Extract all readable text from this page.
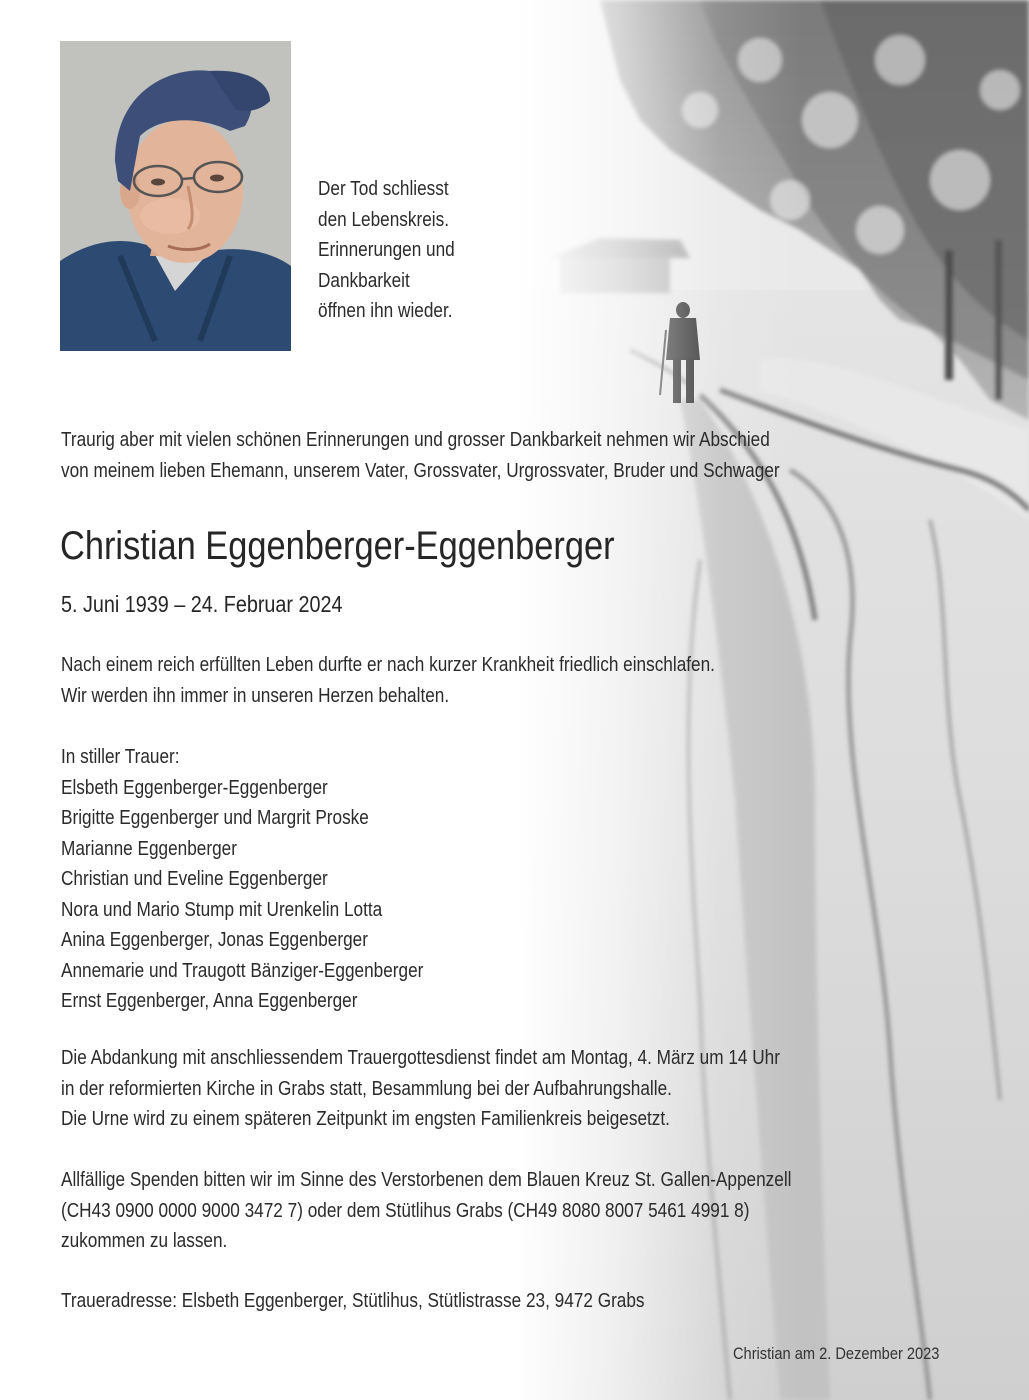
Der Tod schliesst
den Lebenskreis.
Erinnerungen und
Dankbarkeit
öffnen ihn wieder.
Traurig aber mit vielen schönen Erinnerungen und grosser Dankbarkeit nehmen wir Abschied
von meinem lieben Ehemann, unserem Vater, Grossvater, Urgrossvater, Bruder und Schwager
Christian Eggenberger-Eggenberger
5. Juni 1939 – 24. Februar 2024
Nach einem reich erfüllten Leben durfte er nach kurzer Krankheit friedlich einschlafen.
Wir werden ihn immer in unseren Herzen behalten.
In stiller Trauer:
Elsbeth Eggenberger-Eggenberger
Brigitte Eggenberger und Margrit Proske
Marianne Eggenberger
Christian und Eveline Eggenberger
Nora und Mario Stump mit Urenkelin Lotta
Anina Eggenberger, Jonas Eggenberger
Annemarie und Traugott Bänziger-Eggenberger
Ernst Eggenberger, Anna Eggenberger
Die Abdankung mit anschliessendem Trauergottesdienst findet am Montag, 4. März um 14 Uhr
in der reformierten Kirche in Grabs statt, Besammlung bei der Aufbahrungshalle.
Die Urne wird zu einem späteren Zeitpunkt im engsten Familienkreis beigesetzt.
Allfällige Spenden bitten wir im Sinne des Verstorbenen dem Blauen Kreuz St. Gallen-Appenzell
(CH43 0900 0000 9000 3472 7) oder dem Stütlihus Grabs (CH49 8080 8007 5461 4991 8)
zukommen zu lassen.
Traueradresse: Elsbeth Eggenberger, Stütlihus, Stütlistrasse 23, 9472 Grabs
Christian am 2. Dezember 2023
